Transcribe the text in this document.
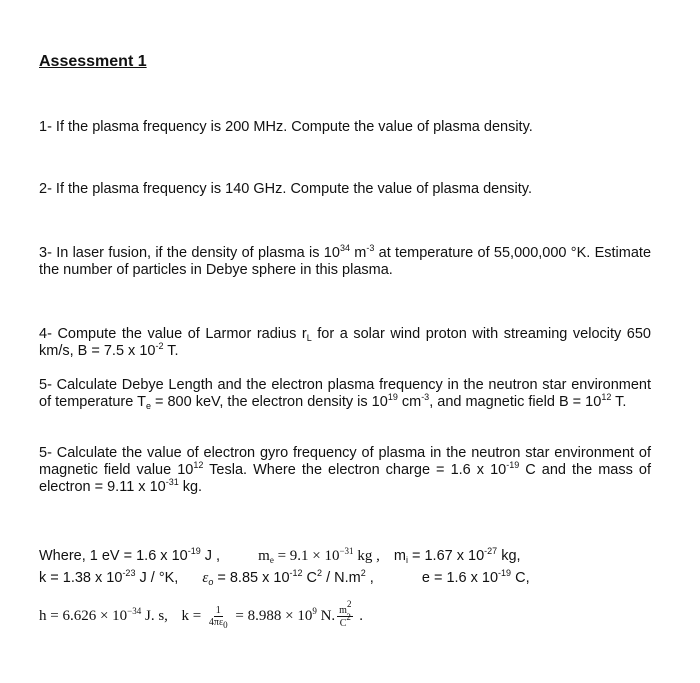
Assessment 1
1- If the plasma frequency is 200 MHz. Compute the value of plasma density.
2- If the plasma frequency is 140 GHz. Compute the value of plasma density.
3- In laser fusion, if the density of plasma is $10^{34}$ $m^{-3}$ at temperature of 55,000,000 °K. Estimate the number of particles in Debye sphere in this plasma.
4- Compute the value of Larmor radius $r_L$ for a solar wind proton with streaming velocity 650 km/s, B = 7.5 x $10^{-2}$ T.
5- Calculate Debye Length and the electron plasma frequency in the neutron star environment of temperature $T_e = 800$ keV, the electron density is $10^{19}$ $cm^{-3}$, and magnetic field $B = 10^{12}$ T.
5- Calculate the value of electron gyro frequency of plasma in the neutron star environment of magnetic field value $10^{12}$ Tesla. Where the electron charge = 1.6 x $10^{-19}$ C and the mass of electron = 9.11 x $10^{-31}$ kg.
Where, 1 eV = 1.6 x $10^{-19}$ J ,	$m_e = 9.1 \times 10^{-31}$ kg , $m_i = 1.67$ x $10^{-27}$ kg,
k = 1.38 x $10^{-23}$ J / °K, $\varepsilon_o = 8.85$ x $10^{-12}$ $C^2 / N.m^2$ ,	e = 1.6 x $10^{-19}$ C,
$h = 6.626 \times 10^{-34}$ J. s, $k = \frac{1}{4\pi\varepsilon_0} = 8.988 \times 10^9$ N. $\frac{m^2}{C^2}$ .
